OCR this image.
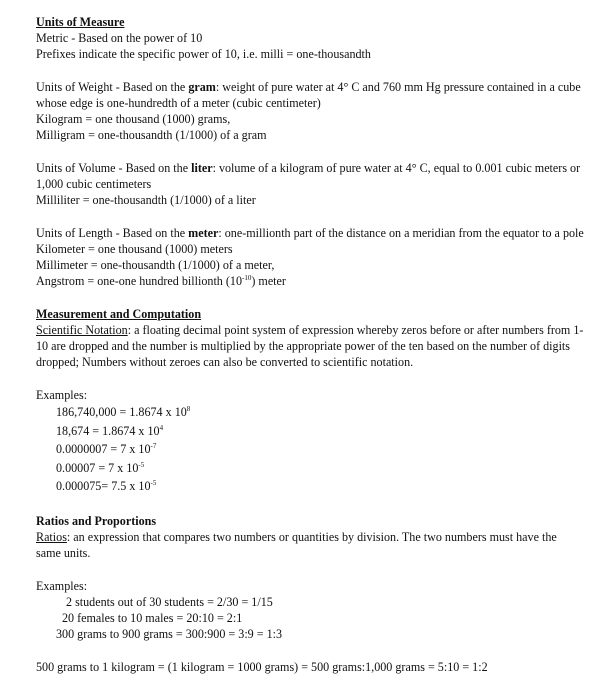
Units of Measure
Metric - Based on the power of 10
Prefixes indicate the specific power of 10, i.e. milli = one-thousandth
Units of Weight - Based on the gram: weight of pure water at 4° C and 760 mm Hg pressure contained in a cube whose edge is one-hundredth of a meter (cubic centimeter)
Kilogram = one thousand (1000) grams,
Milligram = one-thousandth (1/1000) of a gram
Units of Volume - Based on the liter: volume of a kilogram of pure water at 4° C, equal to 0.001 cubic meters or 1,000 cubic centimeters
Milliliter = one-thousandth (1/1000) of a liter
Units of Length - Based on the meter: one-millionth part of the distance on a meridian from the equator to a pole
Kilometer = one thousand (1000) meters
Millimeter = one-thousandth (1/1000) of a meter,
Angstrom = one-one hundred billionth $(10^{-10})$ meter
Measurement and Computation
Scientific Notation: a floating decimal point system of expression whereby zeros before or after numbers from 1-10 are dropped and the number is multiplied by the appropriate power of the ten based on the number of digits dropped; Numbers without zeroes can also be converted to scientific notation.
Examples:
186,740,000 = 1.8674 x $10^8$
18,674 = 1.8674 x $10^4$
0.0000007 = 7 x $10^{-7}$
0.00007 = 7 x $10^{-5}$
0.000075= 7.5 x $10^{-5}$
Ratios and Proportions
Ratios: an expression that compares two numbers or quantities by division. The two numbers must have the same units.
Examples:
2 students out of 30 students = 2/30 = 1/15
20 females to 10 males = 20:10 = 2:1
300 grams to 900 grams = 300:900 = 3:9 = 1:3
500 grams to 1 kilogram = (1 kilogram = 1000 grams) = 500 grams:1,000 grams = 5:10 = 1:2
